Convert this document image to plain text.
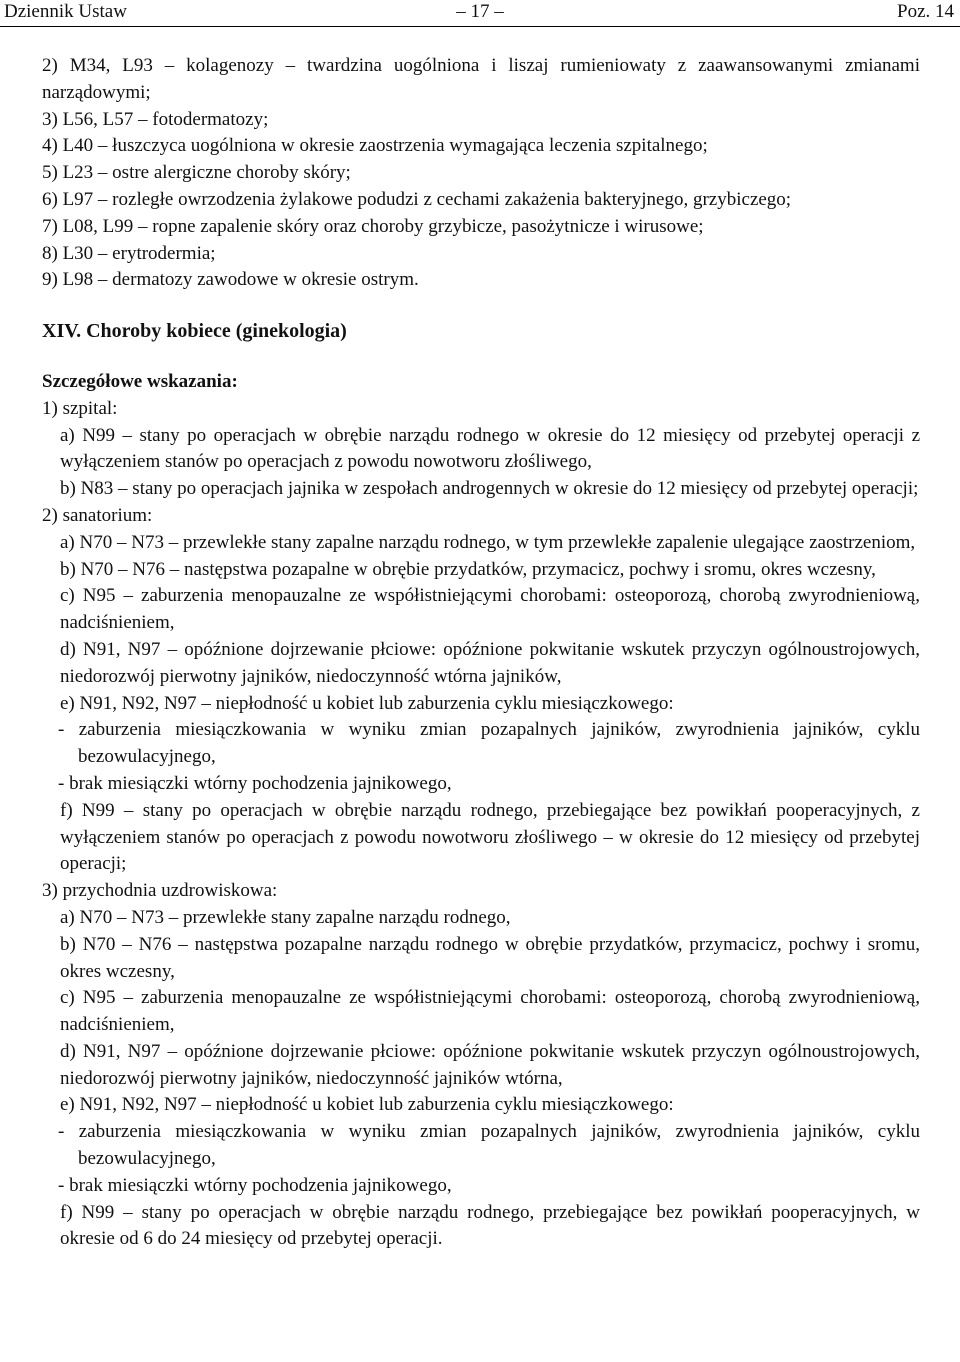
Dziennik Ustaw	– 17 –	Poz. 14

2) M34, L93 – kolagenozy – twardzina uogólniona i liszaj rumieniowaty z zaawansowanymi zmianami narządowymi;

3) L56, L57 – fotodermatozy;

4) L40 – łuszczyca uogólniona w okresie zaostrzenia wymagająca leczenia szpitalnego;

5) L23 – ostre alergiczne choroby skóry;

6) L97 – rozległe owrzodzenia żylakowe podudzi z cechami zakażenia bakteryjnego, grzybiczego;

7) L08, L99 – ropne zapalenie skóry oraz choroby grzybicze, pasożytnicze i wirusowe;

8) L30 – erytrodermia;

9) L98 – dermatozy zawodowe w okresie ostrym.

XIV. Choroby kobiece (ginekologia)

Szczegółowe wskazania:

1) szpital:

a) N99 – stany po operacjach w obrębie narządu rodnego w okresie do 12 miesięcy od przebytej operacji z wyłączeniem stanów po operacjach z powodu nowotworu złośliwego,

b) N83 – stany po operacjach jajnika w zespołach androgennych w okresie do 12 miesięcy od przebytej operacji;

2) sanatorium:

a) N70 – N73 – przewlekłe stany zapalne narządu rodnego, w tym przewlekłe zapalenie ulegające zaostrzeniom,

b) N70 – N76 – następstwa pozapalne w obrębie przydatków, przymacicz, pochwy i sromu, okres wczesny,

c) N95 – zaburzenia menopauzalne ze współistniejącymi chorobami: osteoporozą, chorobą zwyrodnieniową, nadciśnieniem,

d) N91, N97 – opóźnione dojrzewanie płciowe: opóźnione pokwitanie wskutek przyczyn ogólnoustrojowych, niedorozwój pierwotny jajników, niedoczynność wtórna jajników,

e) N91, N92, N97 – niepłodność u kobiet lub zaburzenia cyklu miesiączkowego:

- zaburzenia miesiączkowania w wyniku zmian pozapalnych jajników, zwyrodnienia jajników, cyklu bezowulacyjnego,

- brak miesiączki wtórny pochodzenia jajnikowego,

f) N99 – stany po operacjach w obrębie narządu rodnego, przebiegające bez powikłań pooperacyjnych, z wyłączeniem stanów po operacjach z powodu nowotworu złośliwego – w okresie do 12 miesięcy od przebytej operacji;

3) przychodnia uzdrowiskowa:

a) N70 – N73 – przewlekłe stany zapalne narządu rodnego,

b) N70 – N76 – następstwa pozapalne narządu rodnego w obrębie przydatków, przymacicz, pochwy i sromu, okres wczesny,

c) N95 – zaburzenia menopauzalne ze współistniejącymi chorobami: osteoporozą, chorobą zwyrodnieniową, nadciśnieniem,

d) N91, N97 – opóźnione dojrzewanie płciowe: opóźnione pokwitanie wskutek przyczyn ogólnoustrojowych, niedorozwój pierwotny jajników, niedoczynność jajników wtórna,

e) N91, N92, N97 – niepłodność u kobiet lub zaburzenia cyklu miesiączkowego:

- zaburzenia miesiączkowania w wyniku zmian pozapalnych jajników, zwyrodnienia jajników, cyklu bezowulacyjnego,

- brak miesiączki wtórny pochodzenia jajnikowego,

f) N99 – stany po operacjach w obrębie narządu rodnego, przebiegające bez powikłań pooperacyjnych, w okresie od 6 do 24 miesięcy od przebytej operacji.
